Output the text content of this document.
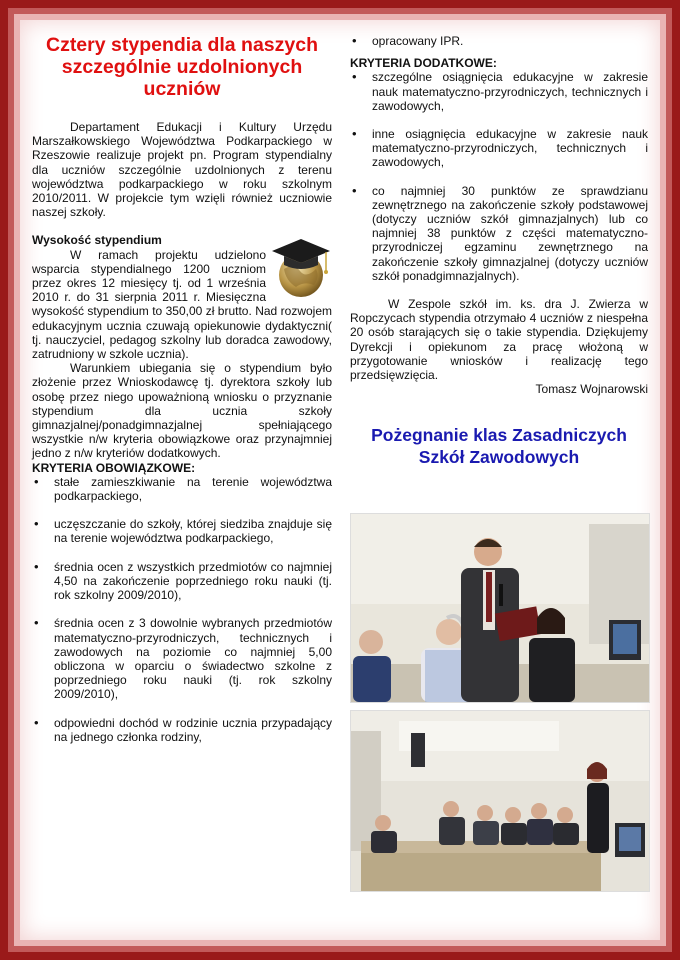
Cztery stypendia dla naszych szczególnie uzdolnionych uczniów

Departament Edukacji i Kultury Urzędu Marszałkowskiego Województwa Podkarpackiego w Rzeszowie realizuje projekt pn. Program stypendialny dla uczniów szczególnie uzdolnionych z terenu województwa podkarpackiego w roku szkolnym 2010/2011. W projekcie tym wzięli również uczniowie naszej szkoły.

Wysokość stypendium

W ramach projektu udzielono wsparcia stypendialnego 1200 uczniom przez okres 12 miesięcy tj. od 1 września 2010 r. do 31 sierpnia 2011 r. Miesięczna wysokość stypendium to 350,00 zł brutto. Nad rozwojem edukacyjnym ucznia czuwają opiekunowie dydaktyczni( tj. nauczyciel, pedagog szkolny lub doradca zawodowy, zatrudniony w szkole ucznia).

Warunkiem ubiegania się o stypendium było złożenie przez Wnioskodawcę tj. dyrektora szkoły lub osobę przez niego upoważnioną wniosku o przyznanie stypendium dla ucznia szkoły gimnazjalnej/ponadgimnazjalnej spełniającego wszystkie n/w kryteria obowiązkowe oraz przynajmniej jedno z n/w kryteriów dodatkowych.

KRYTERIA OBOWIĄZKOWE:

• stałe zamieszkiwanie na terenie województwa podkarpackiego,
• uczęszczanie do szkoły, której siedziba znajduje się na terenie województwa podkarpackiego,
• średnia ocen z wszystkich przedmiotów co najmniej 4,50 na zakończenie poprzedniego roku nauki (tj. rok szkolny 2009/2010),
• średnia ocen z 3 dowolnie wybranych przedmiotów matematyczno-przyrodniczych, technicznych i zawodowych na poziomie co najmniej 5,00 obliczona w oparciu o świadectwo szkolne z poprzedniego roku nauki (tj. rok szkolny 2009/2010),
• odpowiedni dochód w rodzinie ucznia przypadający na jednego członka rodziny,
• opracowany IPR.

KRYTERIA DODATKOWE:

• szczególne osiągnięcia edukacyjne w zakresie nauk matematyczno-przyrodniczych, technicznych i zawodowych,
• inne osiągnięcia edukacyjne w zakresie nauk matematyczno-przyrodniczych, technicznych i zawodowych,
• co najmniej 30 punktów ze sprawdzianu zewnętrznego na zakończenie szkoły podstawowej (dotyczy uczniów szkół gimnazjalnych) lub co najmniej 38 punktów z części matematyczno-przyrodniczej egzaminu zewnętrznego na zakończenie szkoły gimnazjalnej (dotyczy uczniów szkół ponadgimnazjalnych).

W Zespole szkół im. ks. dra J. Zwierza w Ropczycach stypendia otrzymało 4 uczniów z niespełna 20 osób starających się o takie stypendia. Dziękujemy Dyrekcji i opiekunom za pracę włożoną w przygotowanie wniosków i realizację tego przedsięwzięcia.

Tomasz Wojnarowski

Pożegnanie klas Zasadniczych Szkół Zawodowych
